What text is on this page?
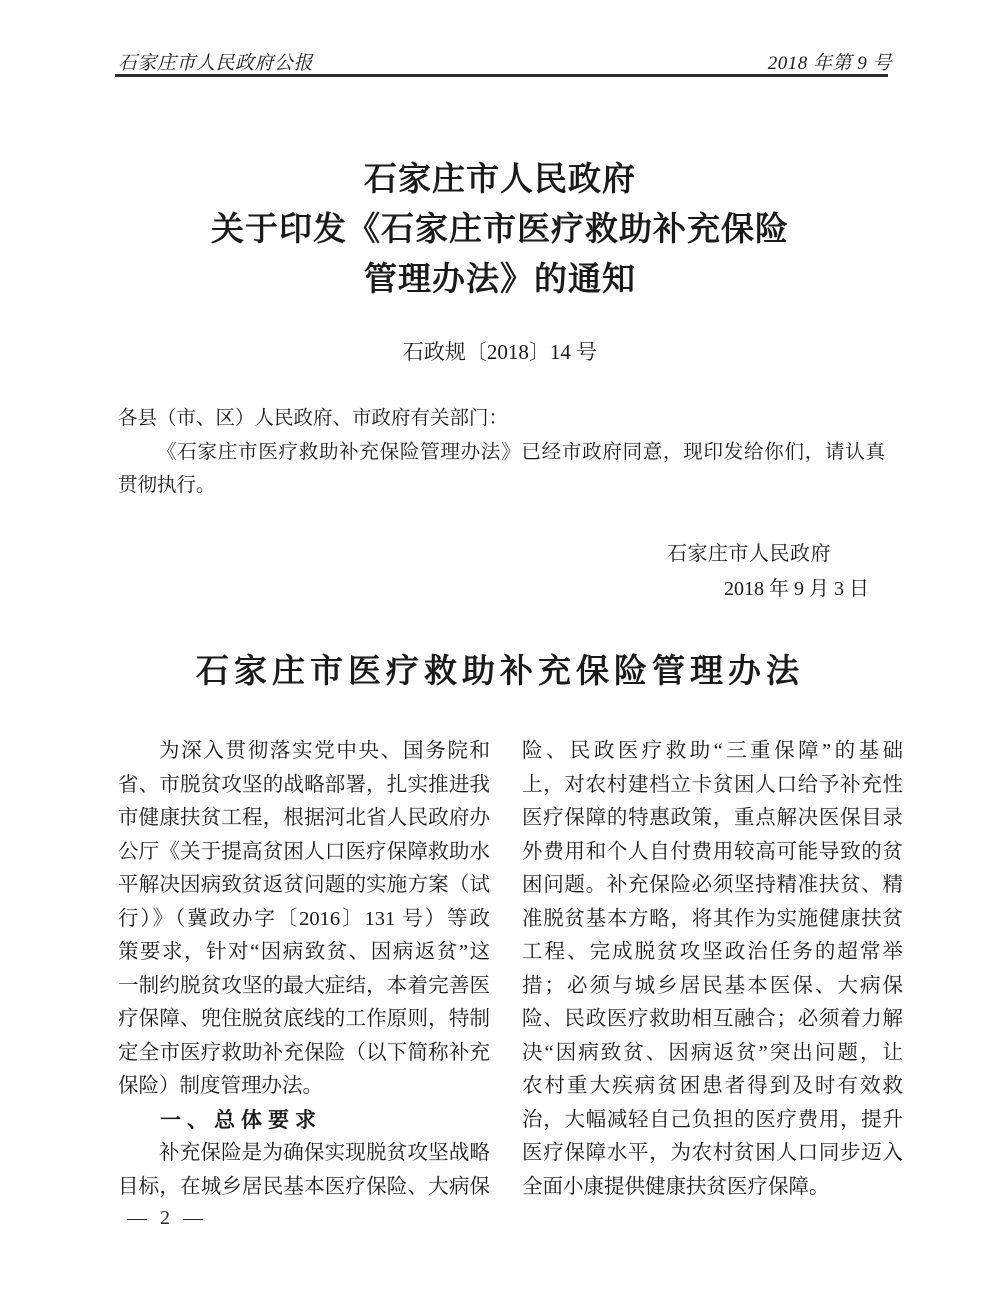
石家庄市人民政府公报	2018 年第 9 号
石家庄市人民政府
关于印发《石家庄市医疗救助补充保险
管理办法》的通知
石政规〔2018〕14 号
各县（市、区）人民政府、市政府有关部门：
《石家庄市医疗救助补充保险管理办法》已经市政府同意，现印发给你们，请认真
贯彻执行。
石家庄市人民政府
2018 年 9 月 3 日
石家庄市医疗救助补充保险管理办法
为深入贯彻落实党中央、国务院和
省、市脱贫攻坚的战略部署，扎实推进我
市健康扶贫工程，根据河北省人民政府办
公厅《关于提高贫困人口医疗保障救助水
平解决因病致贫返贫问题的实施方案（试
行）》（冀政办字〔2016〕131 号）等政
策要求，针对“因病致贫、因病返贫”这
一制约脱贫攻坚的最大症结，本着完善医
疗保障、兜住脱贫底线的工作原则，特制
定全市医疗救助补充保险（以下简称补充
保险）制度管理办法。
一、总体要求
补充保险是为确保实现脱贫攻坚战略
目标，在城乡居民基本医疗保险、大病保
险、民政医疗救助“三重保障”的基础
上，对农村建档立卡贫困人口给予补充性
医疗保障的特惠政策，重点解决医保目录
外费用和个人自付费用较高可能导致的贫
困问题。补充保险必须坚持精准扶贫、精
准脱贫基本方略，将其作为实施健康扶贫
工程、完成脱贫攻坚政治任务的超常举
措；必须与城乡居民基本医保、大病保
险、民政医疗救助相互融合；必须着力解
决“因病致贫、因病返贫”突出问题，让
农村重大疾病贫困患者得到及时有效救
治，大幅减轻自己负担的医疗费用，提升
医疗保障水平，为农村贫困人口同步迈入
全面小康提供健康扶贫医疗保障。
— 2 —
